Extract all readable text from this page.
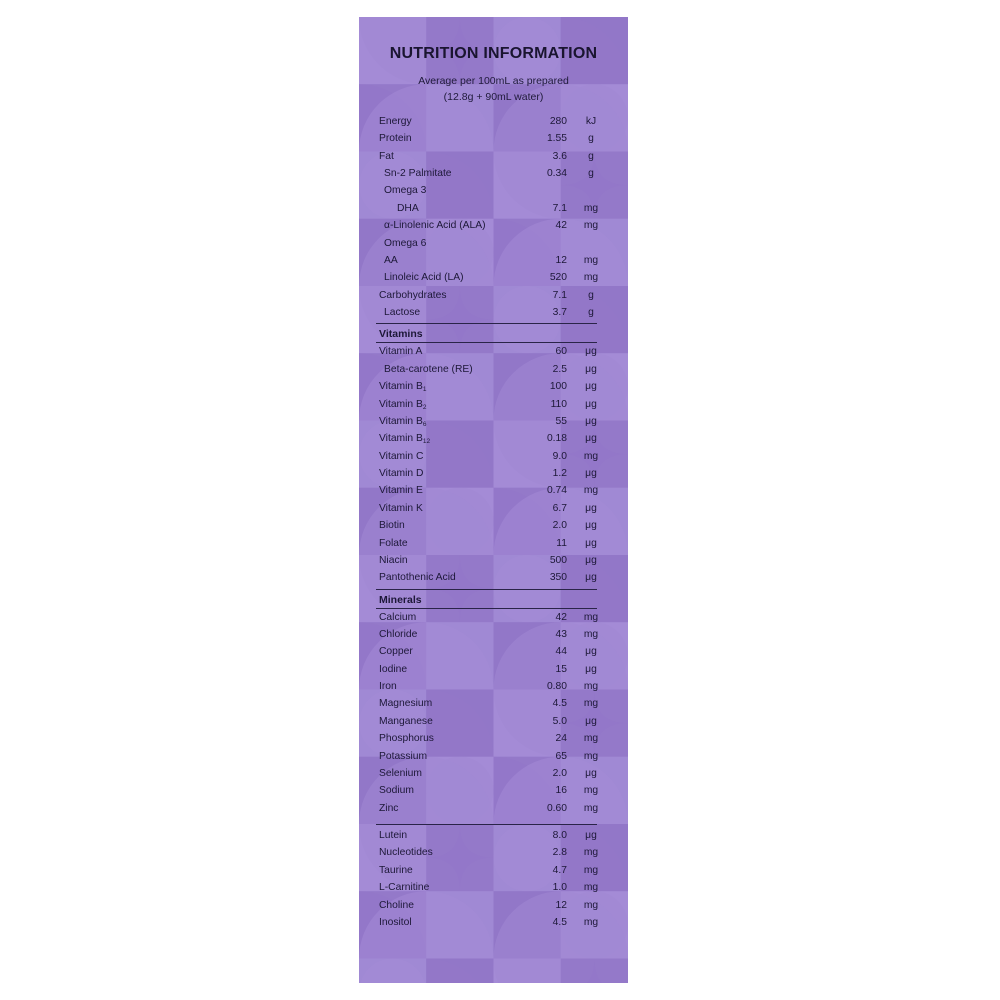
NUTRITION INFORMATION
Average per 100mL as prepared
(12.8g + 90mL water)
Energy	280	kJ
Protein	1.55	g
Fat	3.6	g
Sn-2 Palmitate	0.34	g
Omega 3
DHA	7.1	mg
α-Linolenic Acid (ALA)	42	mg
Omega 6
AA	12	mg
Linoleic Acid (LA)	520	mg
Carbohydrates	7.1	g
Lactose	3.7	g
Vitamins
Vitamin A	60	μg
Beta-carotene (RE)	2.5	μg
Vitamin $B_1$	100	μg
Vitamin $B_2$	110	μg
Vitamin $B_6$	55	μg
Vitamin $B_{12}$	0.18	μg
Vitamin C	9.0	mg
Vitamin D	1.2	μg
Vitamin E	0.74	mg
Vitamin K	6.7	μg
Biotin	2.0	μg
Folate	11	μg
Niacin	500	μg
Pantothenic Acid	350	μg
Minerals
Calcium	42	mg
Chloride	43	mg
Copper	44	μg
Iodine	15	μg
Iron	0.80	mg
Magnesium	4.5	mg
Manganese	5.0	μg
Phosphorus	24	mg
Potassium	65	mg
Selenium	2.0	μg
Sodium	16	mg
Zinc	0.60	mg
Lutein	8.0	μg
Nucleotides	2.8	mg
Taurine	4.7	mg
L-Carnitine	1.0	mg
Choline	12	mg
Inositol	4.5	mg
